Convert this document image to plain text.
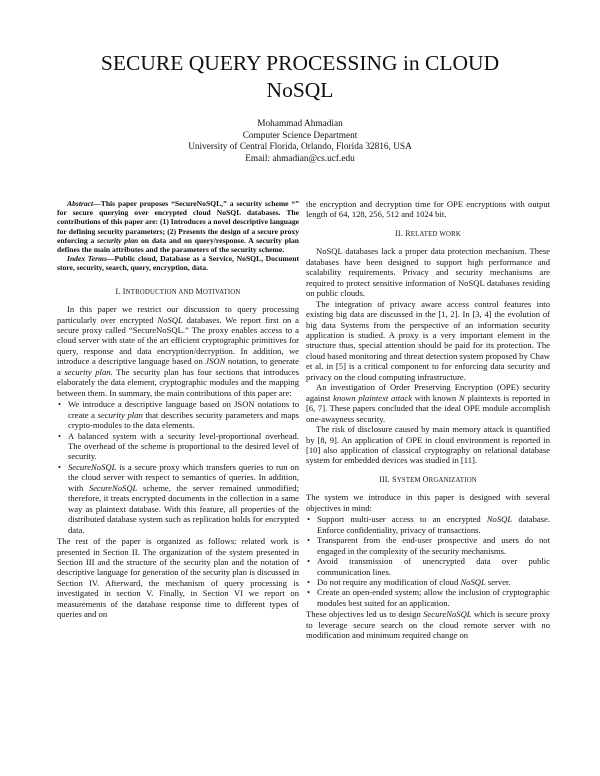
SECURE QUERY PROCESSING in CLOUD
NoSQL
Mohammad Ahmadian
Computer Science Department
University of Central Florida, Orlando, Florida 32816, USA
Email: ahmadian@cs.ucf.edu

Abstract—This paper proposes “SecureNoSQL,” a security scheme “” for secure querying over encrypted cloud NoSQL databases. The contributions of this paper are: (1) Introduces a novel descriptive language for defining security parameters; (2) Presents the design of a secure proxy enforcing a security plan on data and on query/response. A security plan defines the main attributes and the parameters of the security scheme.

Index Terms—Public cloud, Database as a Service, NoSQL, Document store, security, search, query, encryption, data.

I. INTRODUCTION AND MOTIVATION

In this paper we restrict our discussion to query processing particularly over encrypted NoSQL databases. We report first on a secure proxy called “SecureNoSQL.” The proxy enables access to a cloud server with state of the art efficient cryptographic primitives for query, response and data encryption/decryption. In addition, we introduce a descriptive language based on JSON notation, to generate a security plan. The security plan has four sections that introduces elaborately the data element, cryptographic modules and the mapping between them. In summary, the main contributions of this paper are:

• We introduce a descriptive language based on JSON notations to create a security plan that describes security parameters and maps crypto-modules to the data elements.
• A balanced system with a security level-proportional overhead. The overhead of the scheme is proportional to the desired level of security.
• SecureNoSQL is a secure proxy which transfers queries to run on the cloud server with respect to semantics of queries. In addition, with SecureNoSQL scheme, the server remained unmodified; therefore, it treats encrypted documents in the collection in a same way as plaintext database. With this feature, all properties of the distributed database system such as replication holds for encrypted data.

The rest of the paper is organized as follows: related work is presented in Section II. The organization of the system presented in Section III and the structure of the security plan and the notation of descriptive language for generation of the security plan is discussed in Section IV. Afterward, the mechanism of query processing is investigated in section V. Finally, in Section VI we report on measurements of the database response time to different types of queries and on

the encryption and decryption time for OPE encryptions with output length of 64, 128, 256, 512 and 1024 bit.

II. RELATED WORK

NoSQL databases lack a proper data protection mechanism. These databases have been designed to support high performance and scalability requirements. Privacy and security mechanisms are required to protect sensitive information of NoSQL databases residing on public clouds.

The integration of privacy aware access control features into existing big data are discussed in the [1, 2]. In [3, 4] the evolution of big data Systems from the perspective of an information security application is studied. A proxy is a very important element in the structure thus, special attention should be paid for its protection. The cloud based monitoring and threat detection system proposed by Chaw et al. in [5] is a critical component to for enforcing data security and privacy on the cloud computing infrastructure.

An investigation of Order Preserving Encryption (OPE) security against known plaintext attack with known N plaintexts is reported in [6, 7]. These papers concluded that the ideal OPE module accomplish one-awayness security.

The risk of disclosure caused by main memory attack is quantified by [8, 9]. An application of OPE in cloud environment is reported in [10] also application of classical cryptography on relational database system for embedded devices was studied in [11].

III. SYSTEM ORGANIZATION

The system we introduce in this paper is designed with several objectives in mind:

• Support multi-user access to an encrypted NoSQL database. Enforce confidentiality, privacy of transactions.
• Transparent from the end-user prospective and users do not engaged in the complexity of the security mechanisms.
• Avoid transmission of unencrypted data over public communication lines.
• Do not require any modification of cloud NoSQL server.
• Create an open-ended system; allow the inclusion of cryptographic modules best suited for an application.

These objectives led us to design SecureNoSQL which is secure proxy to leverage secure search on the cloud remote server with no modification and minimum required change on
